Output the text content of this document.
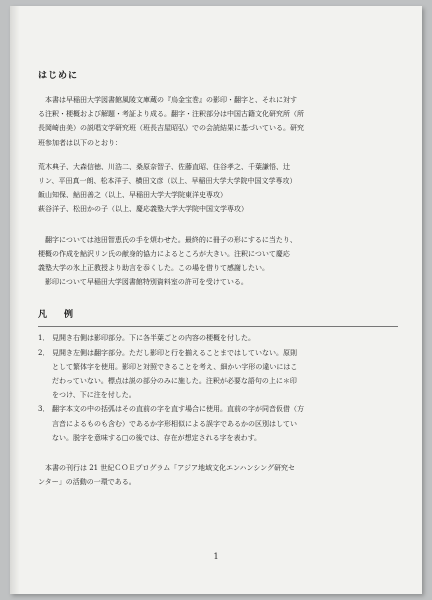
はじめに
本書は早稲田大学図書館風陵文庫蔵の『烏金宝巻』の影印・翻字と、それに対す
る注釈・梗概および解題・考証より成る。翻字・注釈部分は中国古籍文化研究所（所
長岡崎由美）の説唱文学研究班（班長吉屋昭弘）での会読結果に基づいている。研究
班参加者は以下のとおり：
荒木典子、大森信徳、川浩二、桑原奈智子、佐藤直昭、住谷孝之、千葉謙悟、辻
リン、平田真一朗、松本洋子、横田文彦（以上、早稲田大学大学院中国文学専攻）
飯山知保、鮎田善之（以上、早稲田大学大学院東洋史専攻）
萩谷洋子、松田かの子（以上、慶応義塾大学大学院中国文学専攻）
翻字については池田智恵氏の手を煩わせた。最終的に冊子の形にするに当たり、
梗概の作成を鮎沢リン氏の献身的協力によるところが大きい。注釈について慶応
義塾大学の氷上正教授より助言を忝くした。この場を借りて感謝したい。
影印について早稲田大学図書館特別資料室の許可を受けている。
凡　例
1． 見開き右側は影印部分。下に各半葉ごとの内容の梗概を付した。
2． 見開き左側は翻字部分。ただし影印と行を揃えることまではしていない。原則
として繁体字を使用。影印と対照できることを考え、細かい字形の違いにはこ
だわっていない。標点は説の部分のみに施した。注釈が必要な語句の上に＊印
をつけ、下に注を付した。
3． 翻字本文の中の括弧はその直前の字を直す場合に使用。直前の字が同音仮借（方
言音によるものも含む）であるか字形相似による誤字であるかの区別はしてい
ない。脱字を意味する□の後では、存在が想定される字を表わす。
本書の刊行は 21 世紀ＣＯＥプログラム「アジア地域文化エンハンシング研究セ
ンター」の活動の一環である。
1
